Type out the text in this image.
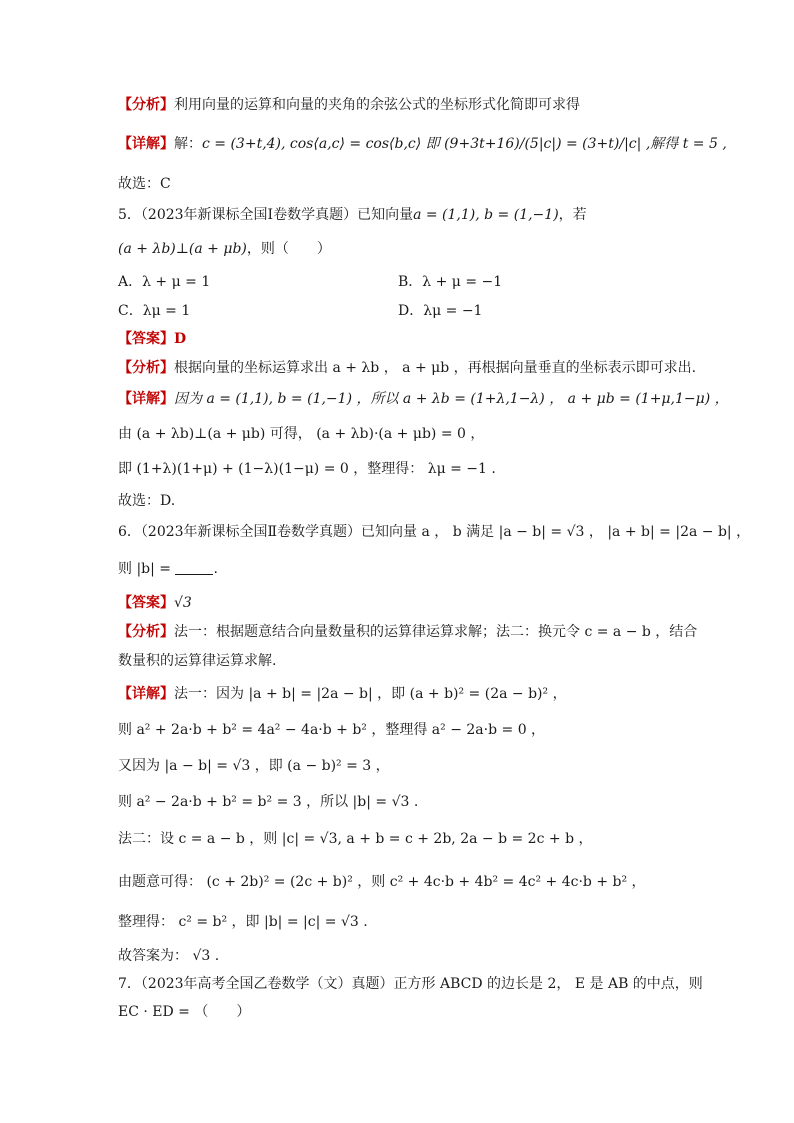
【分析】利用向量的运算和向量的夹角的余弦公式的坐标形式化简即可求得
【详解】解：c = (3+t,4), cos⟨a,c⟩ = cos⟨b,c⟩ 即 (9+3t+16)/(5|c|) = (3+t)/|c| ,解得 t = 5 ,
故选：C
5．（2023年新课标全国Ⅰ卷数学真题）已知向量a = (1,1), b = (1,−1)，若
(a + λb)⊥(a + μb)，则（　　）
A．λ + μ = 1	B．λ + μ = −1
C．λμ = 1	D．λμ = −1
【答案】D
【分析】根据向量的坐标运算求出 a + λb ， a + μb ，再根据向量垂直的坐标表示即可求出.
【详解】因为 a = (1,1), b = (1,−1) ，所以 a + λb = (1+λ,1−λ) ， a + μb = (1+μ,1−μ) ，
由 (a + λb)⊥(a + μb) 可得， (a + λb)·(a + μb) = 0 ，
即 (1+λ)(1+μ) + (1−λ)(1−μ) = 0 ，整理得： λμ = −1 .
故选：D.
6．（2023年新课标全国Ⅱ卷数学真题）已知向量 a ， b 满足 |a − b| = √3 ， |a + b| = |2a − b| ，
则 |b| =	.
【答案】√3
【分析】法一：根据题意结合向量数量积的运算律运算求解；法二：换元令 c = a − b ，结合
数量积的运算律运算求解.
【详解】法一：因为 |a + b| = |2a − b| ，即 (a + b)² = (2a − b)² ，
则 a² + 2a·b + b² = 4a² − 4a·b + b² ，整理得 a² − 2a·b = 0 ，
又因为 |a − b| = √3 ，即 (a − b)² = 3 ，
则 a² − 2a·b + b² = b² = 3 ，所以 |b| = √3 .
法二：设 c = a − b ，则 |c| = √3, a + b = c + 2b, 2a − b = 2c + b ，
由题意可得： (c + 2b)² = (2c + b)² ，则 c² + 4c·b + 4b² = 4c² + 4c·b + b² ，
整理得： c² = b² ，即 |b| = |c| = √3 .
故答案为： √3 .
7．（2023年高考全国乙卷数学（文）真题）正方形 ABCD 的边长是 2， E 是 AB 的中点，则
EC · ED = （　　）
